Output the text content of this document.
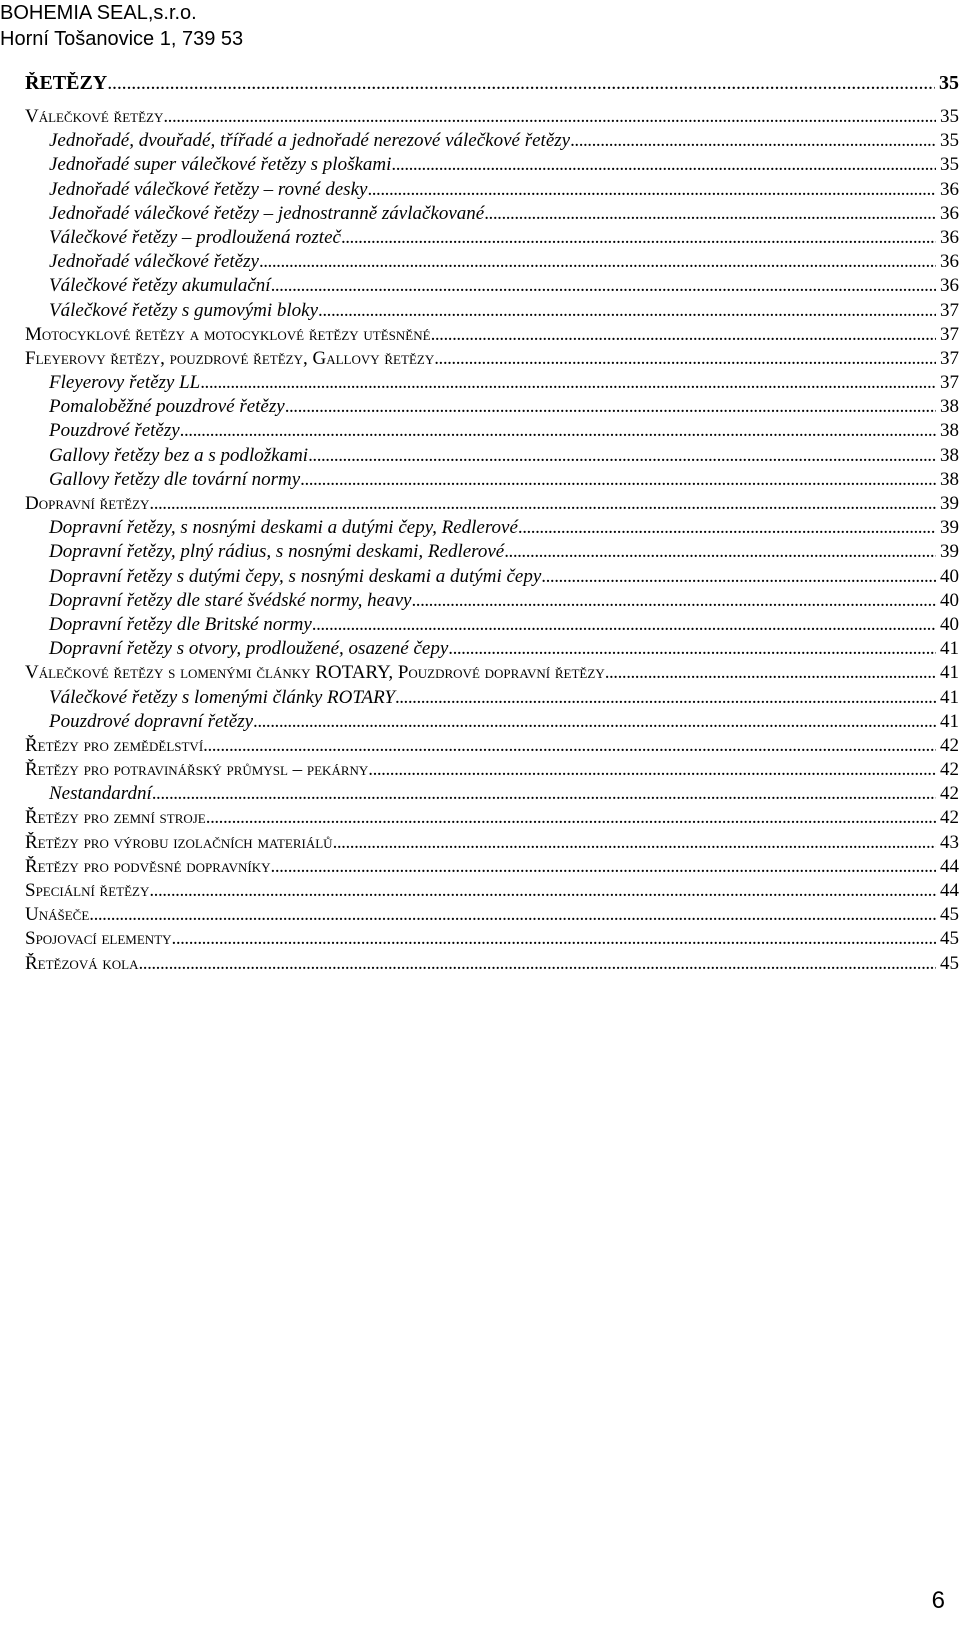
BOHEMIA SEAL,s.r.o.
Horní Tošanovice 1, 739 53
ŘETĚZY . . .	35
Válečkové řetězy . . .	35
Jednořadé, dvouřadé, třířadé a jednořadé nerezové válečkové řetězy . . .	35
Jednořadé super válečkové řetězy s ploškami . . .	35
Jednořadé válečkové řetězy – rovné desky . . .	36
Jednořadé válečkové řetězy – jednostranně závlačkované . . .	36
Válečkové řetězy – prodloužená rozteč . . .	36
Jednořadé válečkové řetězy . . .	36
Válečkové řetězy akumulační . . .	36
Válečkové řetězy s gumovými bloky . . .	37
Motocyklové řetězy a motocyklové řetězy utěsněné . . .	37
Fleyerovy řetězy, pouzdrové řetězy, Gallovy řetězy . . .	37
Fleyerovy řetězy LL . . .	37
Pomaloběžné pouzdrové řetězy . . .	38
Pouzdrové řetězy . . .	38
Gallovy řetězy bez a s podložkami . . .	38
Gallovy řetězy dle tovární normy . . .	38
Dopravní řetězy . . .	39
Dopravní řetězy, s nosnými deskami a dutými čepy, Redlerové . . .	39
Dopravní řetězy, plný rádius, s nosnými deskami, Redlerové . . .	39
Dopravní řetězy s dutými čepy, s nosnými deskami a dutými čepy . . .	40
Dopravní řetězy dle staré švédské normy, heavy . . .	40
Dopravní řetězy dle Britské normy . . .	40
Dopravní řetězy s otvory, prodloužené, osazené čepy . . .	41
Válečkové řetězy s lomenými články ROTARY, Pouzdrové dopravní řetězy . . .	41
Válečkové řetězy s lomenými články ROTARY . . .	41
Pouzdrové dopravní řetězy . . .	41
Řetězy pro zemědělství . . .	42
Řetězy pro potravinářský průmysl – pekárny . . .	42
Nestandardní . . .	42
Řetězy pro zemní stroje . . .	42
Řetězy pro výrobu izolačních materiálů . . .	43
Řetězy pro podvěsné dopravníky . . .	44
Speciální řetězy . . .	44
Unášeče . . .	45
Spojovací elementy . . .	45
Řetězová kola . . .	45
6
